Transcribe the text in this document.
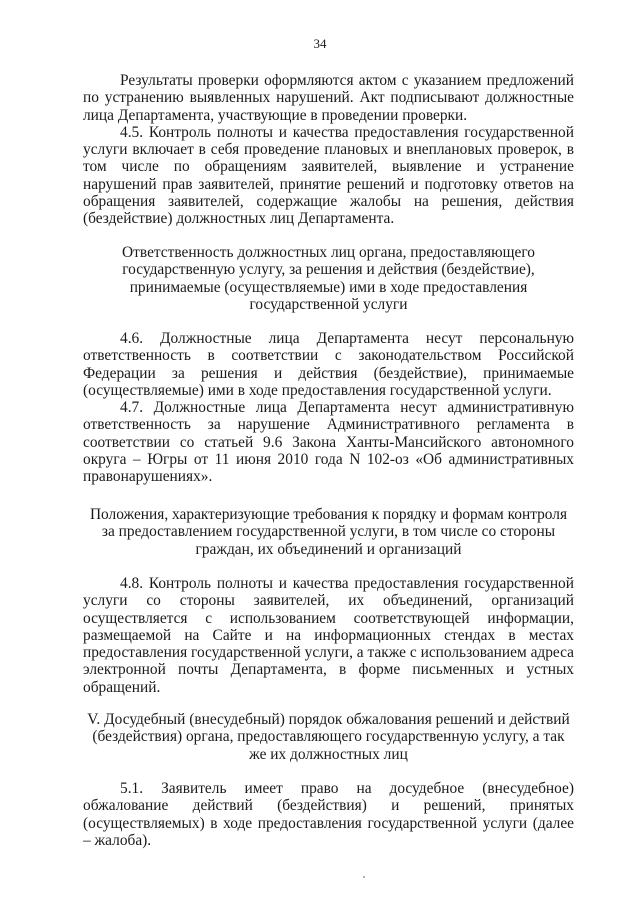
34

Результаты проверки оформляются актом с указанием предложений по устранению выявленных нарушений. Акт подписывают должностные лица Департамента, участвующие в проведении проверки.

4.5. Контроль полноты и качества предоставления государственной услуги включает в себя проведение плановых и внеплановых проверок, в том числе по обращениям заявителей, выявление и устранение нарушений прав заявителей, принятие решений и подготовку ответов на обращения заявителей, содержащие жалобы на решения, действия (бездействие) должностных лиц Департамента.

Ответственность должностных лиц органа, предоставляющего государственную услугу, за решения и действия (бездействие), принимаемые (осуществляемые) ими в ходе предоставления государственной услуги

4.6. Должностные лица Департамента несут персональную ответственность в соответствии с законодательством Российской Федерации за решения и действия (бездействие), принимаемые (осуществляемые) ими в ходе предоставления государственной услуги.

4.7. Должностные лица Департамента несут административную ответственность за нарушение Административного регламента в соответствии со статьей 9.6 Закона Ханты-Мансийского автономного округа – Югры от 11 июня 2010 года N 102-оз «Об административных правонарушениях».

Положения, характеризующие требования к порядку и формам контроля за предоставлением государственной услуги, в том числе со стороны граждан, их объединений и организаций

4.8. Контроль полноты и качества предоставления государственной услуги со стороны заявителей, их объединений, организаций осуществляется с использованием соответствующей информации, размещаемой на Сайте и на информационных стендах в местах предоставления государственной услуги, а также с использованием адреса электронной почты Департамента, в форме письменных и устных обращений.

V. Досудебный (внесудебный) порядок обжалования решений и действий (бездействия) органа, предоставляющего государственную услугу, а так же их должностных лиц

5.1. Заявитель имеет право на досудебное (внесудебное) обжалование действий (бездействия) и решений, принятых (осуществляемых) в ходе предоставления государственной услуги (далее – жалоба).
